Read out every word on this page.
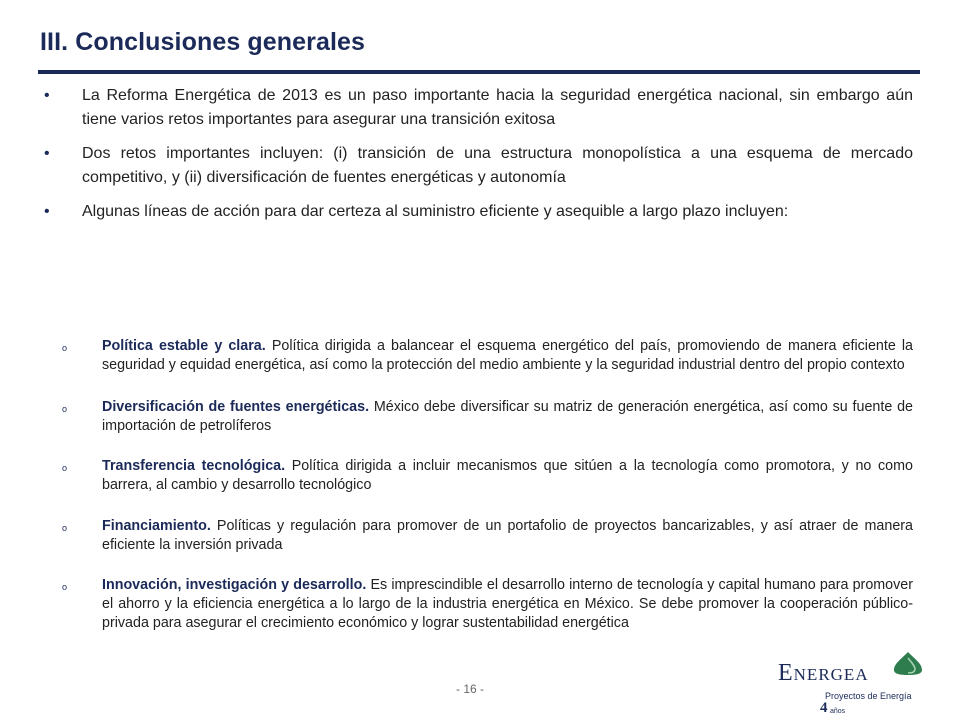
III. Conclusiones generales
• La Reforma Energética de 2013 es un paso importante hacia la seguridad energética nacional, sin embargo aún tiene varios retos importantes para asegurar una transición exitosa
• Dos retos importantes incluyen: (i) transición de una estructura monopolística a una esquema de mercado competitivo, y (ii) diversificación de fuentes energéticas y autonomía
• Algunas líneas de acción para dar certeza al suministro eficiente y asequible a largo plazo incluyen:
o Política estable y clara. Política dirigida a balancear el esquema energético del país, promoviendo de manera eficiente la seguridad y equidad energética, así como la protección del medio ambiente y la seguridad industrial dentro del propio contexto
o Diversificación de fuentes energéticas. México debe diversificar su matriz de generación energética, así como su fuente de importación de petrolíferos
o Transferencia tecnológica. Política dirigida a incluir mecanismos que sitúen a la tecnología como promotora, y no como barrera, al cambio y desarrollo tecnológico
o Financiamiento. Políticas y regulación para promover de un portafolio de proyectos bancarizables, y así atraer de manera eficiente la inversión privada
o Innovación, investigación y desarrollo. Es imprescindible el desarrollo interno de tecnología y capital humano para promover el ahorro y la eficiencia energética a lo largo de la industria energética en México. Se debe promover la cooperación público-privada para asegurar el crecimiento económico y lograr sustentabilidad energética
- 16 -
Energea
Proyectos de Energía
4 años
